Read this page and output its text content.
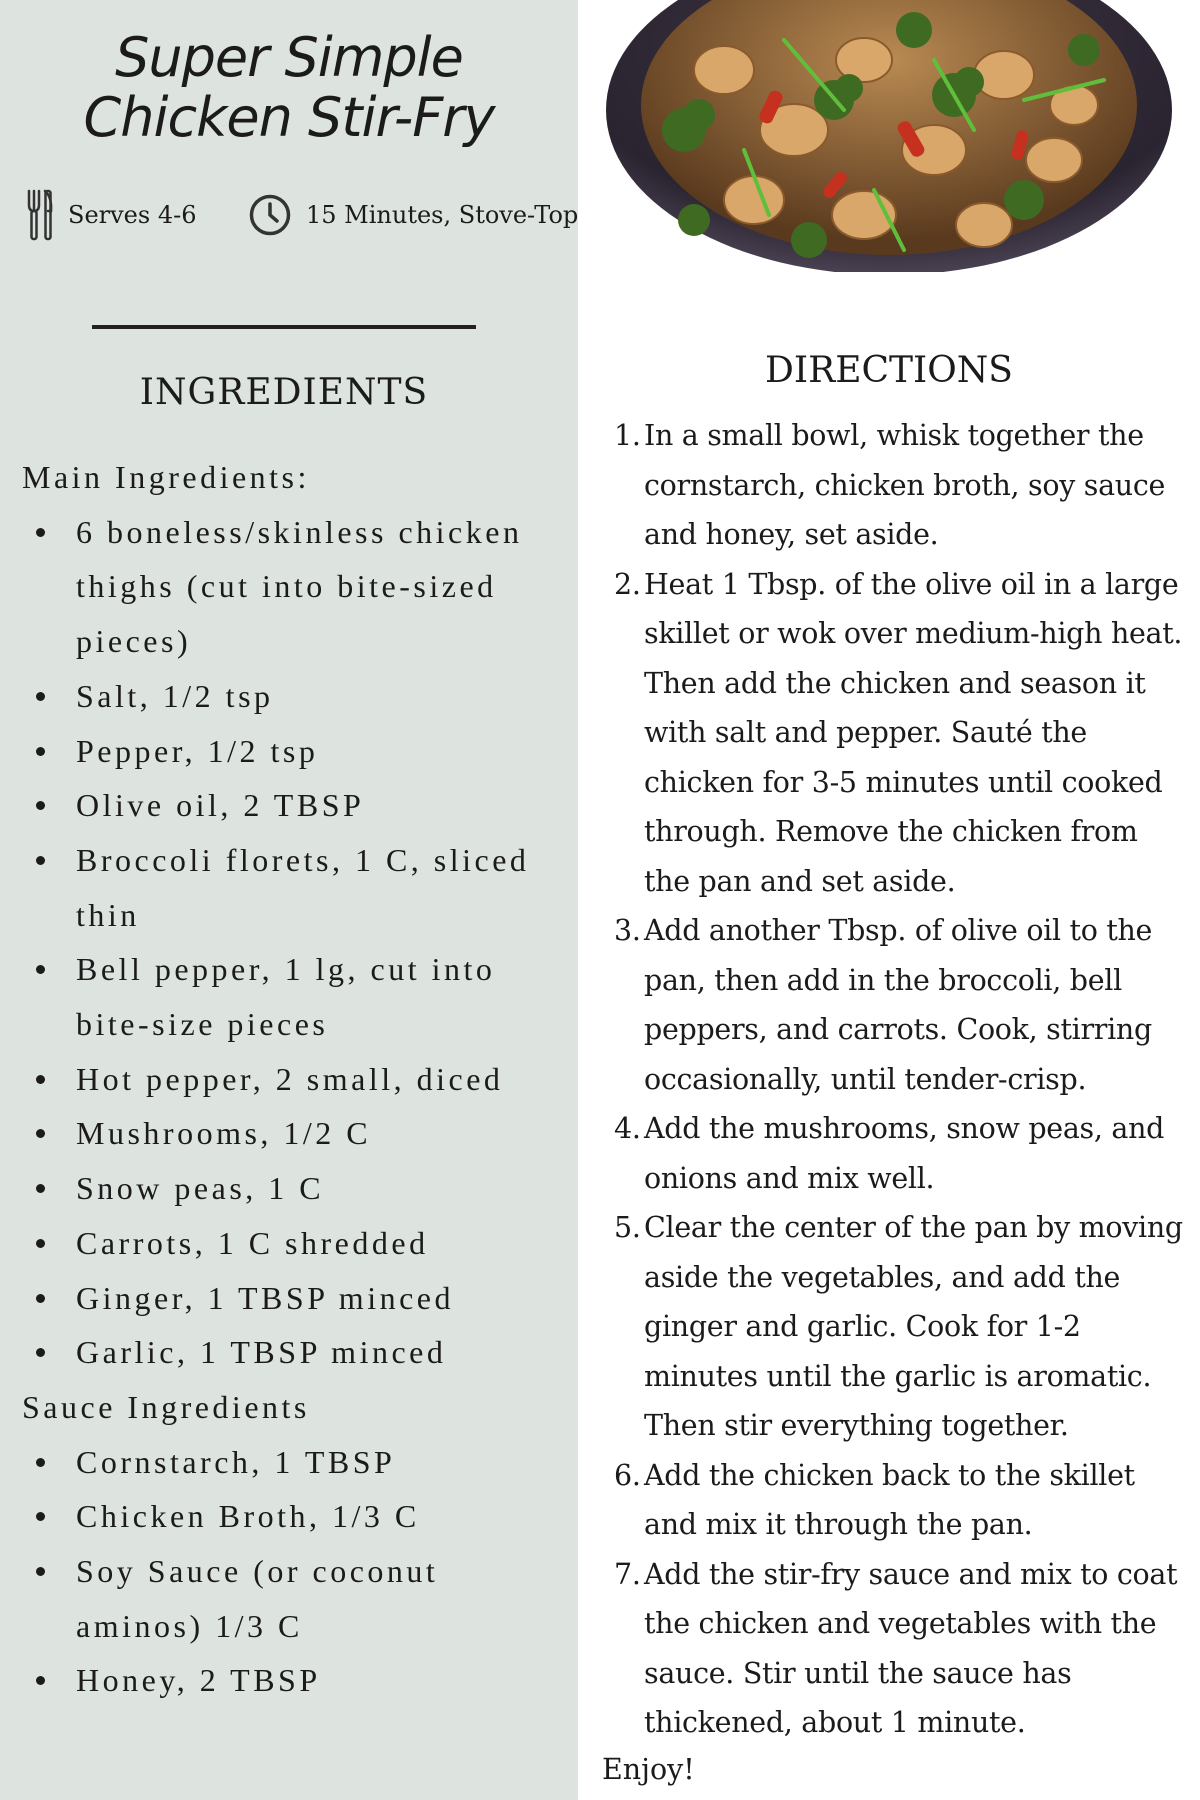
Super Simple
Chicken Stir-Fry
Serves 4-6	15 Minutes, Stove-Top
INGREDIENTS

Main Ingredients:

6 boneless/skinless chicken thighs (cut into bite-sized pieces)
Salt, 1/2 tsp
Pepper, 1/2 tsp
Olive oil, 2 TBSP
Broccoli florets, 1 C, sliced thin
Bell pepper, 1 lg, cut into bite-size pieces
Hot pepper, 2 small, diced
Mushrooms, 1/2 C
Snow peas, 1 C
Carrots, 1 C shredded
Ginger, 1 TBSP minced
Garlic, 1 TBSP minced

Sauce Ingredients

Cornstarch, 1 TBSP
Chicken Broth, 1/3 C
Soy Sauce (or coconut aminos) 1/3 C
Honey, 2 TBSP
DIRECTIONS
1. In a small bowl, whisk together the cornstarch, chicken broth, soy sauce and honey, set aside.
2. Heat 1 Tbsp. of the olive oil in a large skillet or wok over medium-high heat. Then add the chicken and season it with salt and pepper. Sauté the chicken for 3-5 minutes until cooked through. Remove the chicken from the pan and set aside.
3. Add another Tbsp. of olive oil to the pan, then add in the broccoli, bell peppers, and carrots. Cook, stirring occasionally, until tender-crisp.
4. Add the mushrooms, snow peas, and onions and mix well.
5. Clear the center of the pan by moving aside the vegetables, and add the ginger and garlic. Cook for 1-2 minutes until the garlic is aromatic. Then stir everything together.
6. Add the chicken back to the skillet and mix it through the pan.
7. Add the stir-fry sauce and mix to coat the chicken and vegetables with the sauce. Stir until the sauce has thickened, about 1 minute.
Enjoy!
